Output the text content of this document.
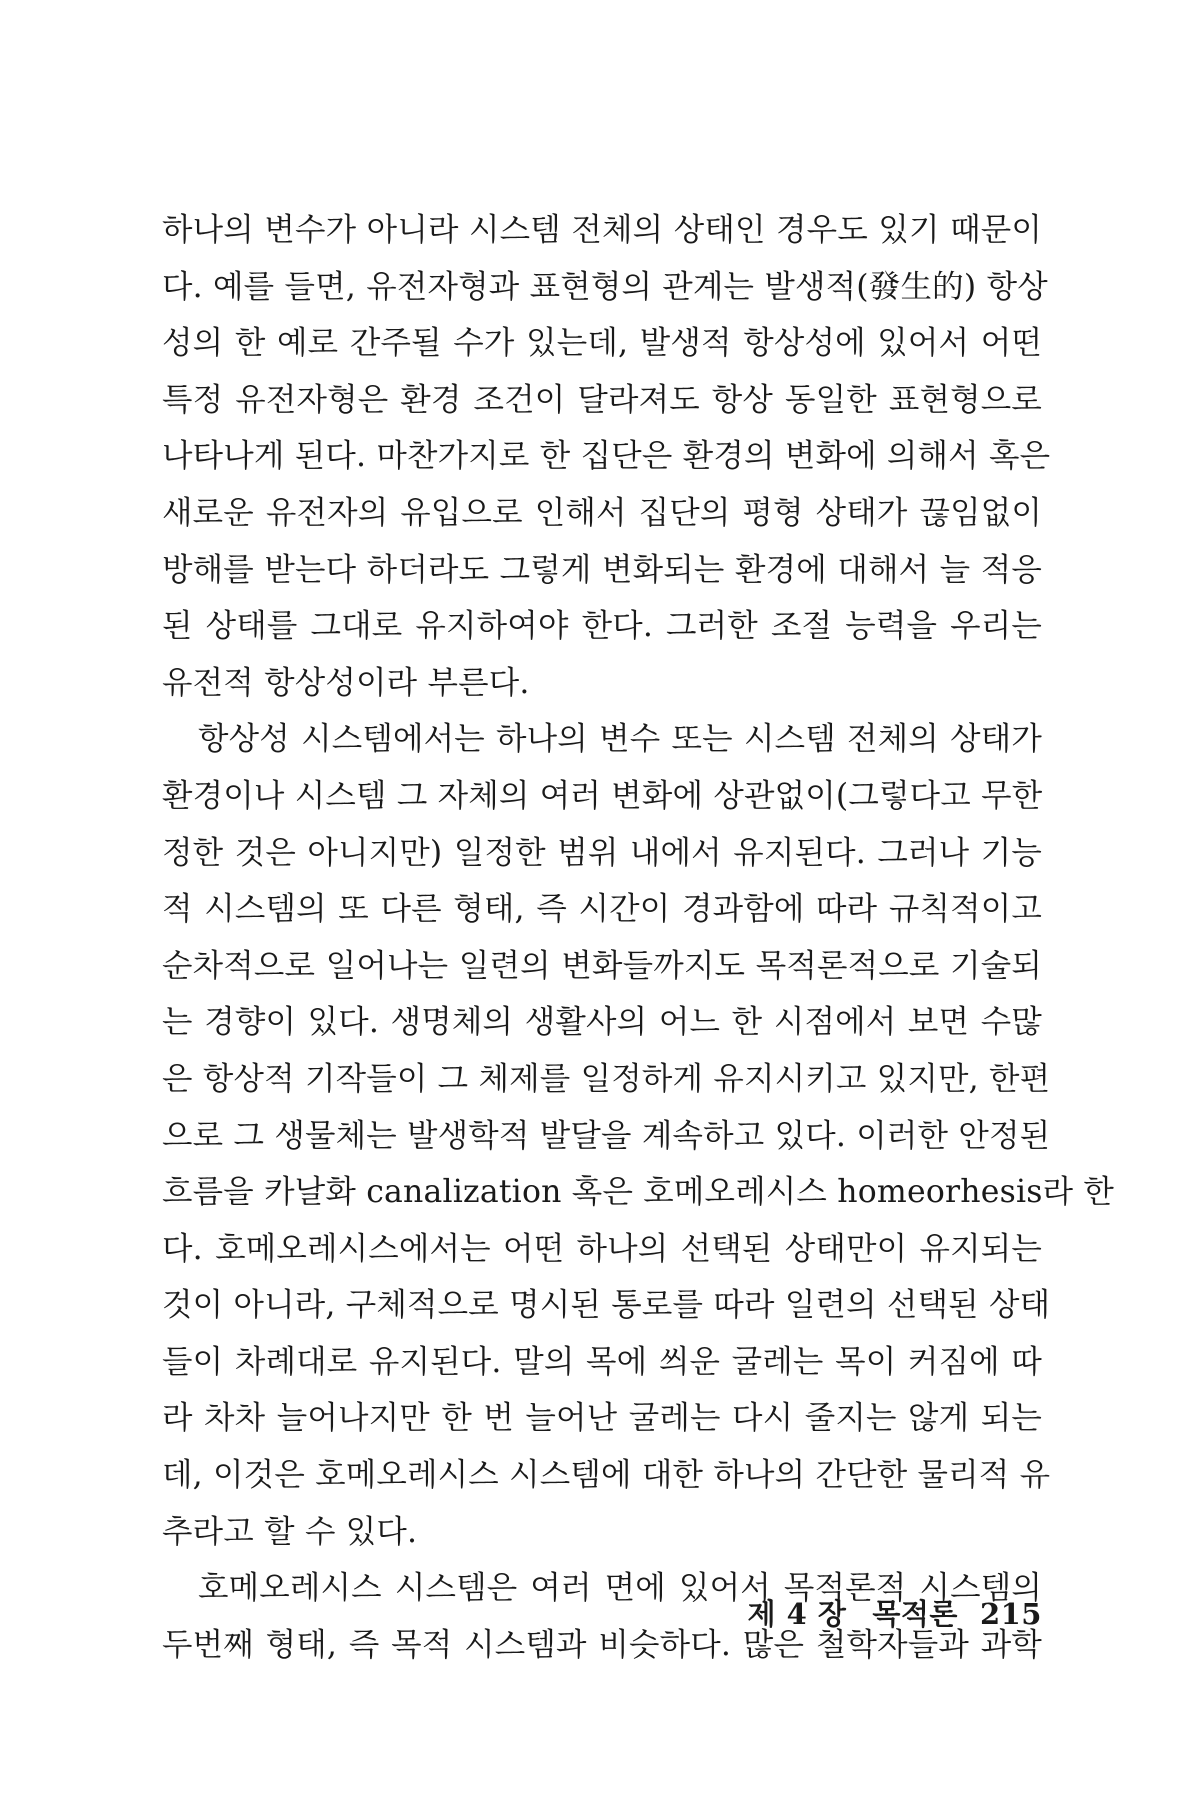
하나의 변수가 아니라 시스템 전체의 상태인 경우도 있기 때문이
다. 예를 들면, 유전자형과 표현형의 관계는 발생적(發生的) 항상
성의 한 예로 간주될 수가 있는데, 발생적 항상성에 있어서 어떤
특정 유전자형은 환경 조건이 달라져도 항상 동일한 표현형으로
나타나게 된다. 마찬가지로 한 집단은 환경의 변화에 의해서 혹은
새로운 유전자의 유입으로 인해서 집단의 평형 상태가 끊임없이
방해를 받는다 하더라도 그렇게 변화되는 환경에 대해서 늘 적응
된 상태를 그대로 유지하여야 한다. 그러한 조절 능력을 우리는
유전적 항상성이라 부른다.
항상성 시스템에서는 하나의 변수 또는 시스템 전체의 상태가
환경이나 시스템 그 자체의 여러 변화에 상관없이(그렇다고 무한
정한 것은 아니지만) 일정한 범위 내에서 유지된다. 그러나 기능
적 시스템의 또 다른 형태, 즉 시간이 경과함에 따라 규칙적이고
순차적으로 일어나는 일련의 변화들까지도 목적론적으로 기술되
는 경향이 있다. 생명체의 생활사의 어느 한 시점에서 보면 수많
은 항상적 기작들이 그 체제를 일정하게 유지시키고 있지만, 한편
으로 그 생물체는 발생학적 발달을 계속하고 있다. 이러한 안정된
흐름을 카날화 canalization 혹은 호메오레시스 homeorhesis라 한
다. 호메오레시스에서는 어떤 하나의 선택된 상태만이 유지되는
것이 아니라, 구체적으로 명시된 통로를 따라 일련의 선택된 상태
들이 차례대로 유지된다. 말의 목에 씌운 굴레는 목이 커짐에 따
라 차차 늘어나지만 한 번 늘어난 굴레는 다시 줄지는 않게 되는
데, 이것은 호메오레시스 시스템에 대한 하나의 간단한 물리적 유
추라고 할 수 있다.
호메오레시스 시스템은 여러 면에 있어서 목적론적 시스템의
두번째 형태, 즉 목적 시스템과 비슷하다. 많은 철학자들과 과학
제 4 장 목적론 215
